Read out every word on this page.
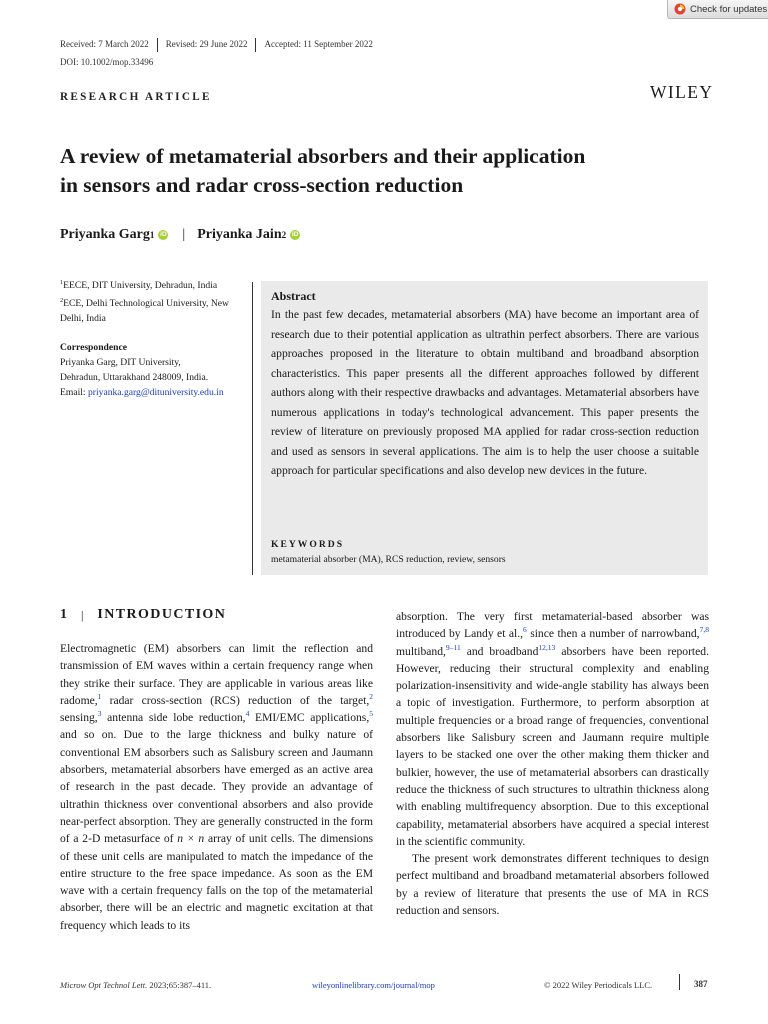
Check for updates
Received: 7 March 2022	Revised: 29 June 2022	Accepted: 11 September 2022
DOI: 10.1002/mop.33496
RESEARCH ARTICLE	WILEY
A review of metamaterial absorbers and their application
in sensors and radar cross-section reduction
Priyanka Garg 1 iD | Priyanka Jain 2 iD
$^1$EECE, DIT University, Dehradun, India
$^2$ECE, Delhi Technological University, New Delhi, India
Correspondence
Priyanka Garg, DIT University,
Dehradun, Uttarakhand 248009, India.
Email: priyanka.garg@dituniversity.edu.in
Abstract
In the past few decades, metamaterial absorbers (MA) have become an important area of research due to their potential application as ultrathin perfect absorbers. There are various approaches proposed in the literature to obtain multiband and broadband absorption characteristics. This paper presents all the different approaches followed by different authors along with their respective drawbacks and advantages. Metamaterial absorbers have numerous applications in today's technological advancement. This paper presents the review of literature on previously proposed MA applied for radar cross-section reduction and used as sensors in several applications. The aim is to help the user choose a suitable approach for particular specifications and also develop new devices in the future.
KEYWORDS
metamaterial absorber (MA), RCS reduction, review, sensors
1 | INTRODUCTION
Electromagnetic (EM) absorbers can limit the reflection and transmission of EM waves within a certain frequency range when they strike their surface. They are applicable in various areas like radome,$^1$ radar cross-section (RCS) reduction of the target,$^2$ sensing,$^3$ antenna side lobe reduction,$^4$ EMI/EMC applications,$^5$ and so on. Due to the large thickness and bulky nature of conventional EM absorbers such as Salisbury screen and Jaumann absorbers, metamaterial absorbers have emerged as an active area of research in the past decade. They provide an advantage of ultrathin thickness over conventional absorbers and also provide near-perfect absorption. They are generally constructed in the form of a 2-D metasurface of n × n array of unit cells. The dimensions of these unit cells are manipulated to match the impedance of the entire structure to the free space impedance. As soon as the EM wave with a certain frequency falls on the top of the metamaterial absorber, there will be an electric and magnetic excitation at that frequency which leads to its
absorption. The very first metamaterial-based absorber was introduced by Landy et al.,$^6$ since then a number of narrowband,$^{7,8}$ multiband,$^{9-11}$ and broadband$^{12,13}$ absorbers have been reported. However, reducing their structural complexity and enabling polarization-insensitivity and wide-angle stability has always been a topic of investigation. Furthermore, to perform absorption at multiple frequencies or a broad range of frequencies, conventional absorbers like Salisbury screen and Jaumann require multiple layers to be stacked one over the other making them thicker and bulkier, however, the use of metamaterial absorbers can drastically reduce the thickness of such structures to ultrathin thickness along with enabling multifrequency absorption. Due to this exceptional capability, metamaterial absorbers have acquired a special interest in the scientific community.
The present work demonstrates different techniques to design perfect multiband and broadband metamaterial absorbers followed by a review of literature that presents the use of MA in RCS reduction and sensors.
Microw Opt Technol Lett. 2023;65:387–411.	wileyonlinelibrary.com/journal/mop	© 2022 Wiley Periodicals LLC.	387
